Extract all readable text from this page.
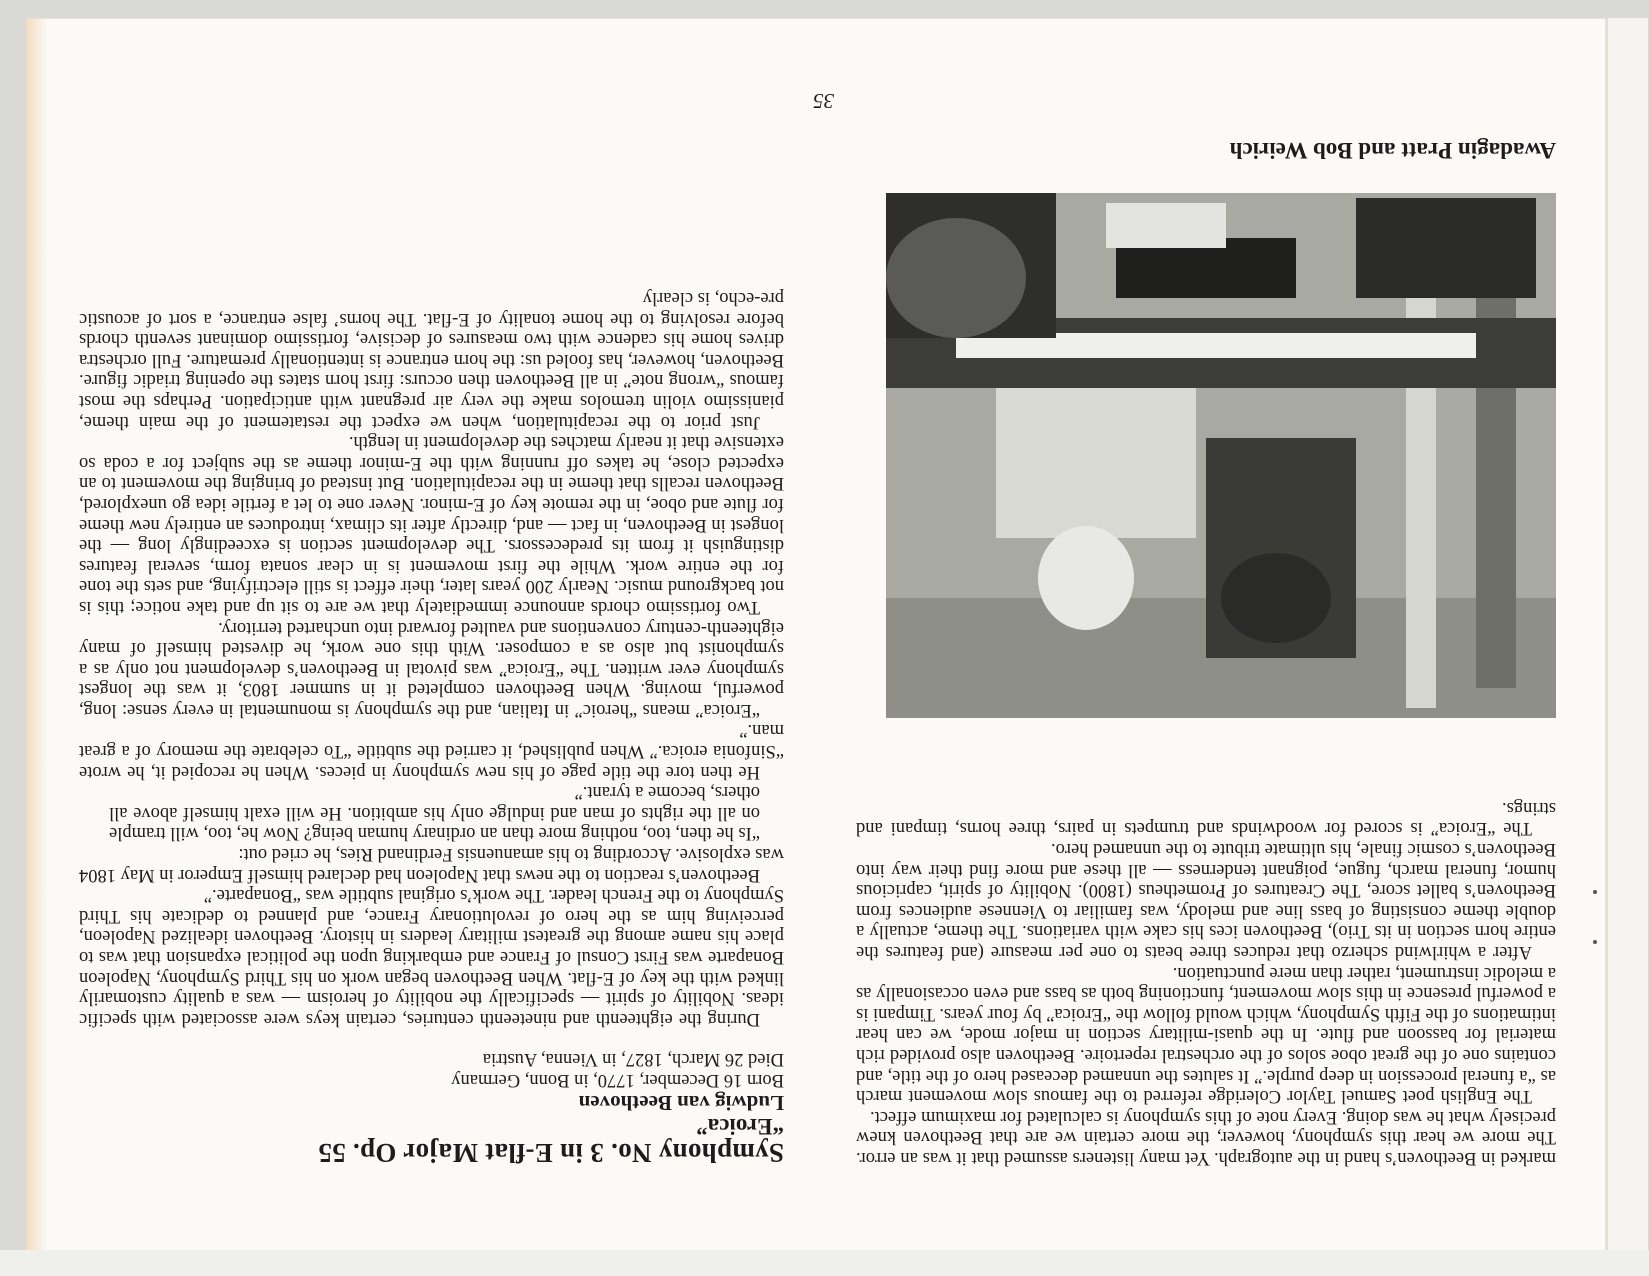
Symphony No. 3 in E-flat Major Op. 55
“Eroica”
Ludwig van Beethoven

Born 16 December, 1770, in Bonn, Germany

Died 26 March, 1827, in Vienna, Austria

During the eighteenth and nineteenth centuries, certain keys were associated with specific ideas. Nobility of spirit — specifically the nobility of heroism — was a quality customarily linked with the key of E-flat. When Beethoven began work on his Third Symphony, Napoleon Bonaparte was First Consul of France and embarking upon the political expansion that was to place his name among the greatest military leaders in history. Beethoven idealized Napoleon, perceiving him as the hero of revolutionary France, and planned to dedicate his Third Symphony to the French leader. The work’s original subtitle was “Bonaparte.”

Beethoven’s reaction to the news that Napoleon had declared himself Emperor in May 1804 was explosive. According to his amanuensis Ferdinand Ries, he cried out:

“Is he then, too, nothing more than an ordinary human being? Now he, too, will trample on all the rights of man and indulge only his ambition. He will exalt himself above all others, become a tyrant.”

He then tore the title page of his new symphony in pieces. When he recopied it, he wrote “Sinfonia eroica.” When published, it carried the subtitle “To celebrate the memory of a great man.”

“Eroica” means “heroic” in Italian, and the symphony is monumental in every sense: long, powerful, moving. When Beethoven completed it in summer 1803, it was the longest symphony ever written. The “Eroica” was pivotal in Beethoven’s development not only as a symphonist but also as a composer. With this one work, he divested himself of many eighteenth-century conventions and vaulted forward into uncharted territory.

Two fortissimo chords announce immediately that we are to sit up and take notice; this is not background music. Nearly 200 years later, their effect is still electrifying, and sets the tone for the entire work. While the first movement is in clear sonata form, several features distinguish it from its predecessors. The development section is exceedingly long — the longest in Beethoven, in fact — and, directly after its climax, introduces an entirely new theme for flute and oboe, in the remote key of E-minor. Never one to let a fertile idea go unexplored, Beethoven recalls that theme in the recapitulation. But instead of bringing the movement to an expected close, he takes off running with the E-minor theme as the subject for a coda so extensive that it nearly matches the development in length.

Just prior to the recapitulation, when we expect the restatement of the main theme, pianissimo violin tremolos make the very air pregnant with anticipation. Perhaps the most famous “wrong note” in all Beethoven then occurs: first horn states the opening triadic figure. Beethoven, however, has fooled us: the horn entrance is intentionally premature. Full orchestra drives home his cadence with two measures of decisive, fortissimo dominant seventh chords before resolving to the home tonality of E-flat. The horns’ false entrance, a sort of acoustic pre-echo, is clearly

marked in Beethoven’s hand in the autograph. Yet many listeners assumed that it was an error. The more we hear this symphony, however, the more certain we are that Beethoven knew precisely what he was doing. Every note of this symphony is calculated for maximum effect.

The English poet Samuel Taylor Coleridge referred to the famous slow movement march as “a funeral procession in deep purple.” It salutes the unnamed deceased hero of the title, and contains one of the great oboe solos of the orchestral repertoire. Beethoven also provided rich material for bassoon and flute. In the quasi-military section in major mode, we can hear intimations of the Fifth Symphony, which would follow the “Eroica” by four years. Timpani is a powerful presence in this slow movement, functioning both as bass and even occasionally as a melodic instrument, rather than mere punctuation.

After a whirlwind scherzo that reduces three beats to one per measure (and features the entire horn section in its Trio), Beethoven ices his cake with variations. The theme, actually a double theme consisting of bass line and melody, was familiar to Viennese audiences from Beethoven’s ballet score, The Creatures of Prometheus (1800). Nobility of spirit, capricious humor, funeral march, fugue, poignant tenderness — all these and more find their way into Beethoven’s cosmic finale, his ultimate tribute to the unnamed hero.

The “Eroica” is scored for woodwinds and trumpets in pairs, three horns, timpani and strings.

Awadagin Pratt and Bob Weirich
35
